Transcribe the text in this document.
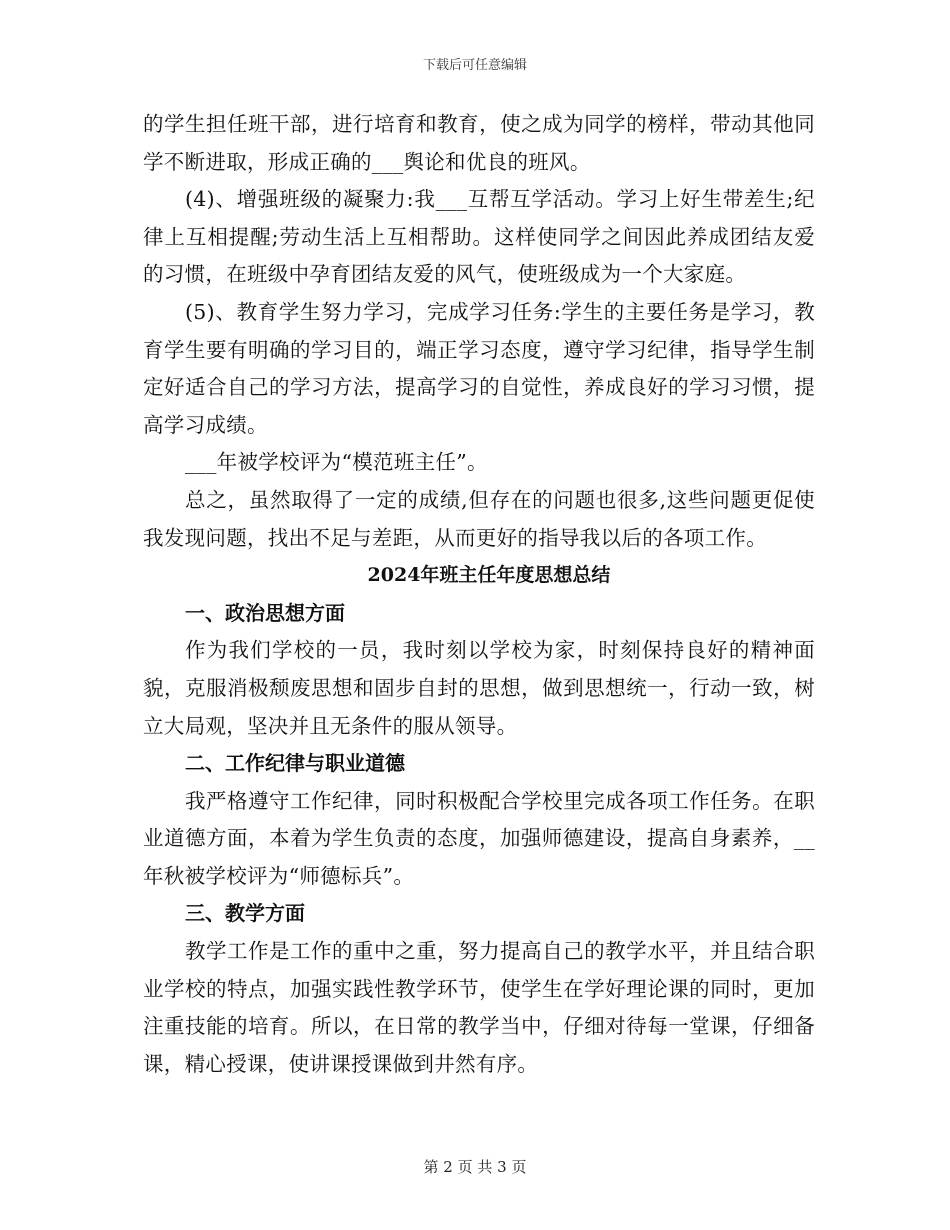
下载后可任意编辑

的学生担任班干部，进行培育和教育，使之成为同学的榜样，带动其他同学不断进取，形成正确的___舆论和优良的班风。

(4)、增强班级的凝聚力:我___互帮互学活动。学习上好生带差生;纪律上互相提醒;劳动生活上互相帮助。这样使同学之间因此养成团结友爱的习惯，在班级中孕育团结友爱的风气，使班级成为一个大家庭。

(5)、教育学生努力学习，完成学习任务:学生的主要任务是学习，教育学生要有明确的学习目的，端正学习态度，遵守学习纪律，指导学生制定好适合自己的学习方法，提高学习的自觉性，养成良好的学习习惯，提高学习成绩。

___年被学校评为“模范班主任”。

总之，虽然取得了一定的成绩,但存在的问题也很多,这些问题更促使我发现问题，找出不足与差距，从而更好的指导我以后的各项工作。

2024年班主任年度思想总结

一、政治思想方面

作为我们学校的一员，我时刻以学校为家，时刻保持良好的精神面貌，克服消极颓废思想和固步自封的思想，做到思想统一，行动一致，树立大局观，坚决并且无条件的服从领导。

二、工作纪律与职业道德

我严格遵守工作纪律，同时积极配合学校里完成各项工作任务。在职业道德方面，本着为学生负责的态度，加强师德建设，提高自身素养，__年秋被学校评为“师德标兵”。

三、教学方面

教学工作是工作的重中之重，努力提高自己的教学水平，并且结合职业学校的特点，加强实践性教学环节，使学生在学好理论课的同时，更加注重技能的培育。所以，在日常的教学当中，仔细对待每一堂课，仔细备课，精心授课，使讲课授课做到井然有序。

第 2 页 共 3 页
